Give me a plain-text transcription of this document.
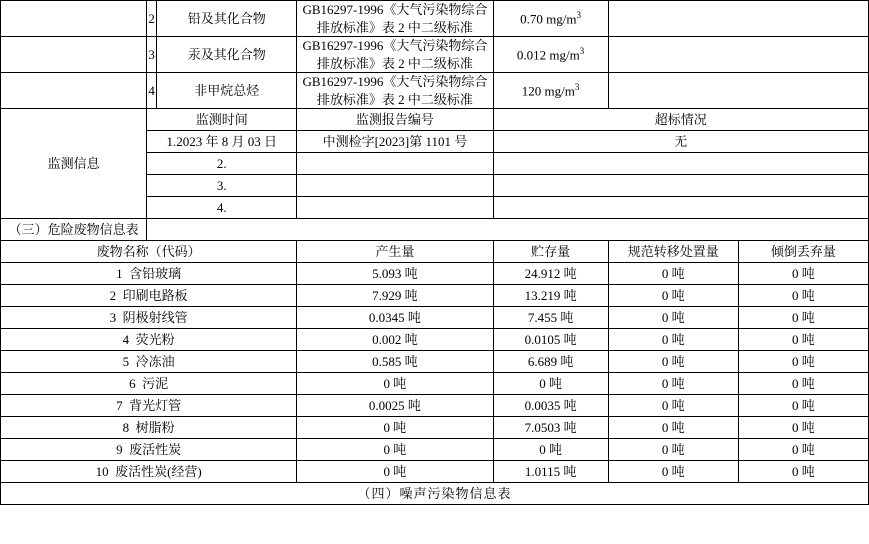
	2	铅及其化合物	GB16297-1996《大气污染物综合
排放标准》表 2 中二级标准	0.70 $mg/m^3$	
	3	汞及其化合物	GB16297-1996《大气污染物综合
排放标准》表 2 中二级标准	0.012 $mg/m^3$	
	4	非甲烷总烃	GB16297-1996《大气污染物综合
排放标准》表 2 中二级标准	120 $mg/m^3$	
监测信息	监测时间		监测报告编号	超标情况		
	1.2023 年 8 月 03 日		中测检字[2023]第 1101 号	无		
	2.					
	3.					
	4.					
（三）危险废物信息表						
废物名称（代码）			产生量	贮存量	规范转移处置量	倾倒丢弃量
1 含铅玻璃			5.093 吨	24.912 吨	0 吨	0 吨
2 印刷电路板			7.929 吨	13.219 吨	0 吨	0 吨
3 阴极射线管			0.0345 吨	7.455 吨	0 吨	0 吨
4 荧光粉			0.002 吨	0.0105 吨	0 吨	0 吨
5 冷冻油			0.585 吨	6.689 吨	0 吨	0 吨
6 污泥			0 吨	0 吨	0 吨	0 吨
7 背光灯管			0.0025 吨	0.0035 吨	0 吨	0 吨
8 树脂粉			0 吨	7.0503 吨	0 吨	0 吨
9 废活性炭			0 吨	0 吨	0 吨	0 吨
10 废活性炭(经营)			0 吨	1.0115 吨	0 吨	0 吨
（四）噪声污染物信息表						
